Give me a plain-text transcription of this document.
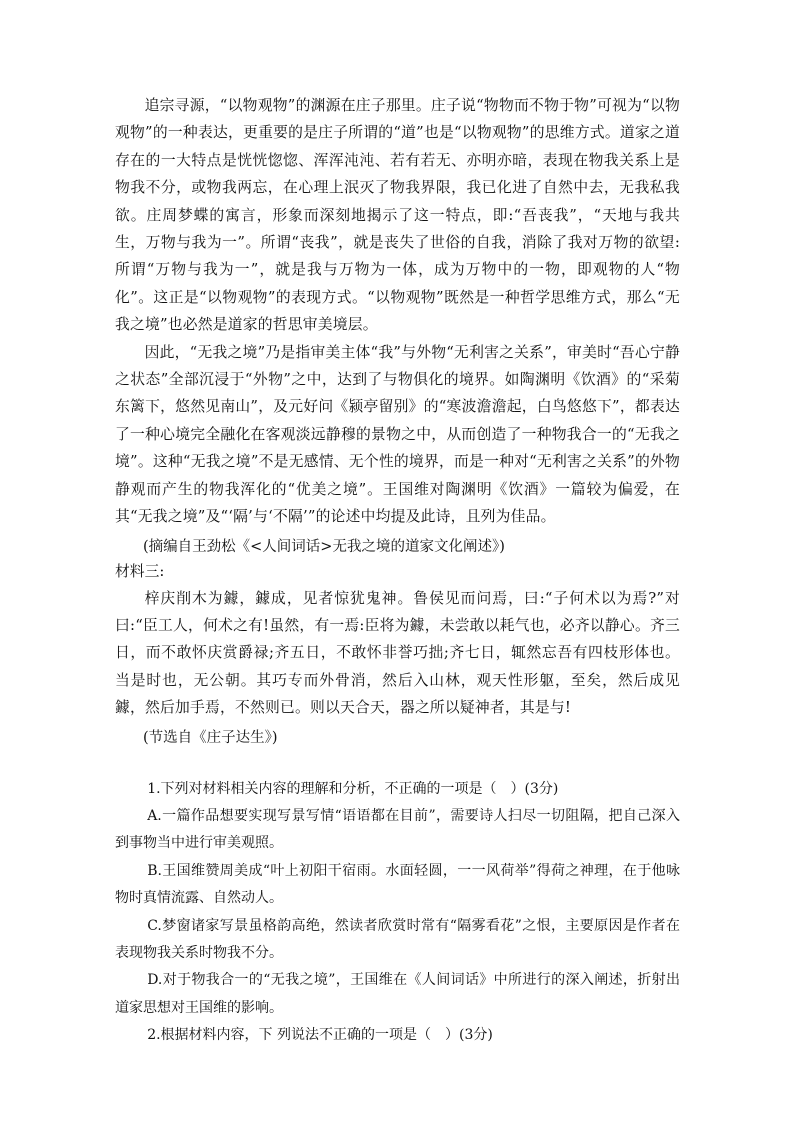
追宗寻源，“以物观物”的渊源在庄子那里。庄子说“物物而不物于物”可视为“以物观物”的一种表达，更重要的是庄子所谓的“道”也是“以物观物”的思维方式。道家之道存在的一大特点是恍恍惚惚、浑浑沌沌、若有若无、亦明亦暗，表现在物我关系上是物我不分，或物我两忘，在心理上泯灭了物我界限，我已化进了自然中去，无我私我欲。庄周梦蝶的寓言，形象而深刻地揭示了这一特点，即:“吾丧我”，“天地与我共生，万物与我为一”。所谓“丧我”，就是丧失了世俗的自我，消除了我对万物的欲望:所谓“万物与我为一”，就是我与万物为一体，成为万物中的一物，即观物的人“物化”。这正是“以物观物”的表现方式。“以物观物”既然是一种哲学思维方式，那么“无我之境”也必然是道家的哲思审美境层。

因此，“无我之境”乃是指审美主体“我”与外物“无利害之关系”，审美时“吾心宁静之状态”全部沉浸于“外物”之中，达到了与物俱化的境界。如陶渊明《饮酒》的“采菊东篱下，悠然见南山”，及元好问《颍亭留别》的“寒波澹澹起，白鸟悠悠下”，都表达了一种心境完全融化在客观淡远静穆的景物之中，从而创造了一种物我合一的“无我之境”。这种“无我之境”不是无感情、无个性的境界，而是一种对“无利害之关系”的外物静观而产生的物我浑化的“优美之境”。王国维对陶渊明《饮酒》一篇较为偏爱，在其“无我之境”及“‘隔’与‘不隔’”的论述中均提及此诗，且列为佳品。

(摘编自王劲松《<人间词话>无我之境的道家文化阐述》)

材料三:

梓庆削木为鐻，鐻成，见者惊犹鬼神。鲁侯见而问焉，曰:“子何术以为焉?”对曰:“臣工人，何术之有!虽然，有一焉:臣将为鐻，未尝敢以耗气也，必齐以静心。齐三日，而不敢怀庆赏爵禄;齐五日，不敢怀非誉巧拙;齐七日，辄然忘吾有四枝形体也。当是时也，无公朝。其巧专而外骨消，然后入山林，观天性形躯，至矣，然后成见鐻，然后加手焉，不然则已。则以天合天，器之所以疑神者，其是与!

(节选自《庄子达生》)

1.下列对材料相关内容的理解和分析，不正确的一项是（　）(3分)

A.一篇作品想要实现写景写情“语语都在目前”，需要诗人扫尽一切阻隔，把自己深入到事物当中进行审美观照。

B.王国维赞周美成“叶上初阳干宿雨。水面轻圆，一一风荷举”得荷之神理，在于他咏物时真情流露、自然动人。

C.梦窗诸家写景虽格韵高绝，然读者欣赏时常有“隔雾看花”之恨，主要原因是作者在表现物我关系时物我不分。

D.对于物我合一的“无我之境”，王国维在《人间词话》中所进行的深入阐述，折射出道家思想对王国维的影响。

2.根据材料内容，下 列说法不正确的一项是（　）(3分)
